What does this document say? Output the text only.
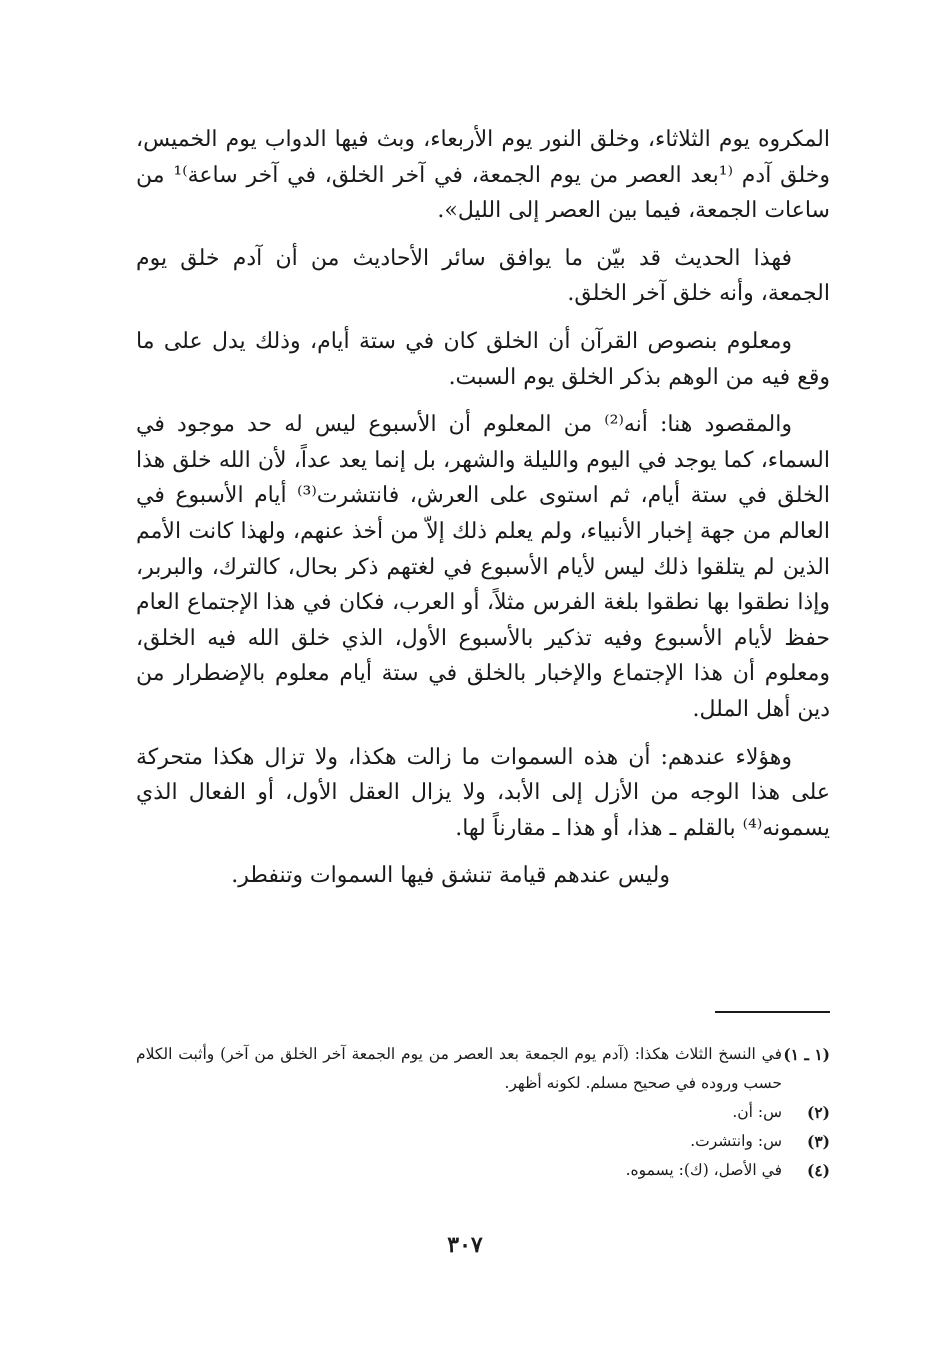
المكروه يوم الثلاثاء، وخلق النور يوم الأربعاء، وبث فيها الدواب يوم الخميس، وخلق آدم ⁽¹بعد العصر من يوم الجمعة، في آخر الخلق، في آخر ساعة⁾¹ من ساعات الجمعة، فيما بين العصر إلى الليل».

فهذا الحديث قد بيّن ما يوافق سائر الأحاديث من أن آدم خلق يوم الجمعة، وأنه خلق آخر الخلق.

ومعلوم بنصوص القرآن أن الخلق كان في ستة أيام، وذلك يدل على ما وقع فيه من الوهم بذكر الخلق يوم السبت.

والمقصود هنا: أنه⁽²⁾ من المعلوم أن الأسبوع ليس له حد موجود في السماء، كما يوجد في اليوم والليلة والشهر، بل إنما يعد عداً، لأن الله خلق هذا الخلق في ستة أيام، ثم استوى على العرش، فانتشرت⁽³⁾ أيام الأسبوع في العالم من جهة إخبار الأنبياء، ولم يعلم ذلك إلاّ من أخذ عنهم، ولهذا كانت الأمم الذين لم يتلقوا ذلك ليس لأيام الأسبوع في لغتهم ذكر بحال، كالترك، والبربر، وإذا نطقوا بها نطقوا بلغة الفرس مثلاً، أو العرب، فكان في هذا الإجتماع العام حفظ لأيام الأسبوع وفيه تذكير بالأسبوع الأول، الذي خلق الله فيه الخلق، ومعلوم أن هذا الإجتماع والإخبار بالخلق في ستة أيام معلوم بالإضطرار من دين أهل الملل.

وهؤلاء عندهم: أن هذه السموات ما زالت هكذا، ولا تزال هكذا متحركة على هذا الوجه من الأزل إلى الأبد، ولا يزال العقل الأول، أو الفعال الذي يسمونه⁽⁴⁾ بالقلم ـ هذا، أو هذا ـ مقارناً لها.

وليس عندهم قيامة تنشق فيها السموات وتنفطر.

(١ ـ ١)
في النسخ الثلاث هكذا: (آدم يوم الجمعة بعد العصر من يوم الجمعة آخر الخلق من آخر) وأثبت الكلام حسب وروده في صحيح مسلم. لكونه أظهر.
(٢)
س: أن.
(٣)
س: وانتشرت.
(٤)
في الأصل، (ك): يسموه.
٣٠٧
